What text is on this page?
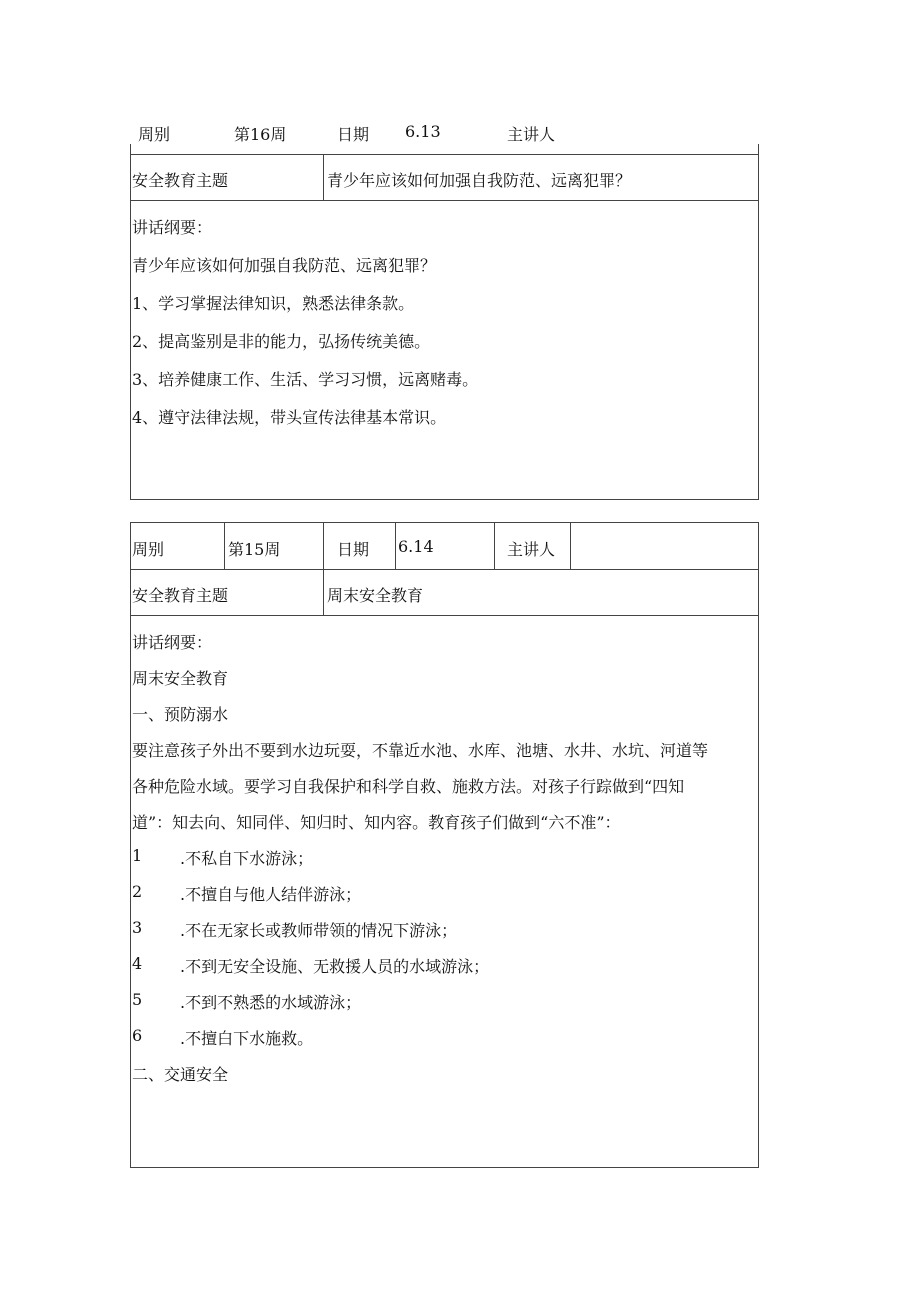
周别	第16周	日期 6.13	主讲人
安全教育主题	青少年应该如何加强自我防范、远离犯罪？
讲话纲要：
青少年应该如何加强自我防范、远离犯罪？
1、学习掌握法律知识，熟悉法律条款。
2、提高鉴别是非的能力，弘扬传统美德。
3、培养健康工作、生活、学习习惯，远离赌毒。
4、遵守法律法规，带头宣传法律基本常识。
周别	第15周	日期 6.14	主讲人
安全教育主题	周末安全教育
讲话纲要：
周末安全教育
一、预防溺水
要注意孩子外出不要到水边玩耍，不靠近水池、水库、池塘、水井、水坑、河道等
各种危险水域。要学习自我保护和科学自救、施救方法。对孩子行踪做到“四知
道”：知去向、知同伴、知归时、知内容。教育孩子们做到“六不准”：
1 .不私自下水游泳；
2 .不擅自与他人结伴游泳；
3 .不在无家长或教师带领的情况下游泳；
4 .不到无安全设施、无救援人员的水域游泳；
5 .不到不熟悉的水域游泳；
6 .不擅白下水施救。
二、交通安全
